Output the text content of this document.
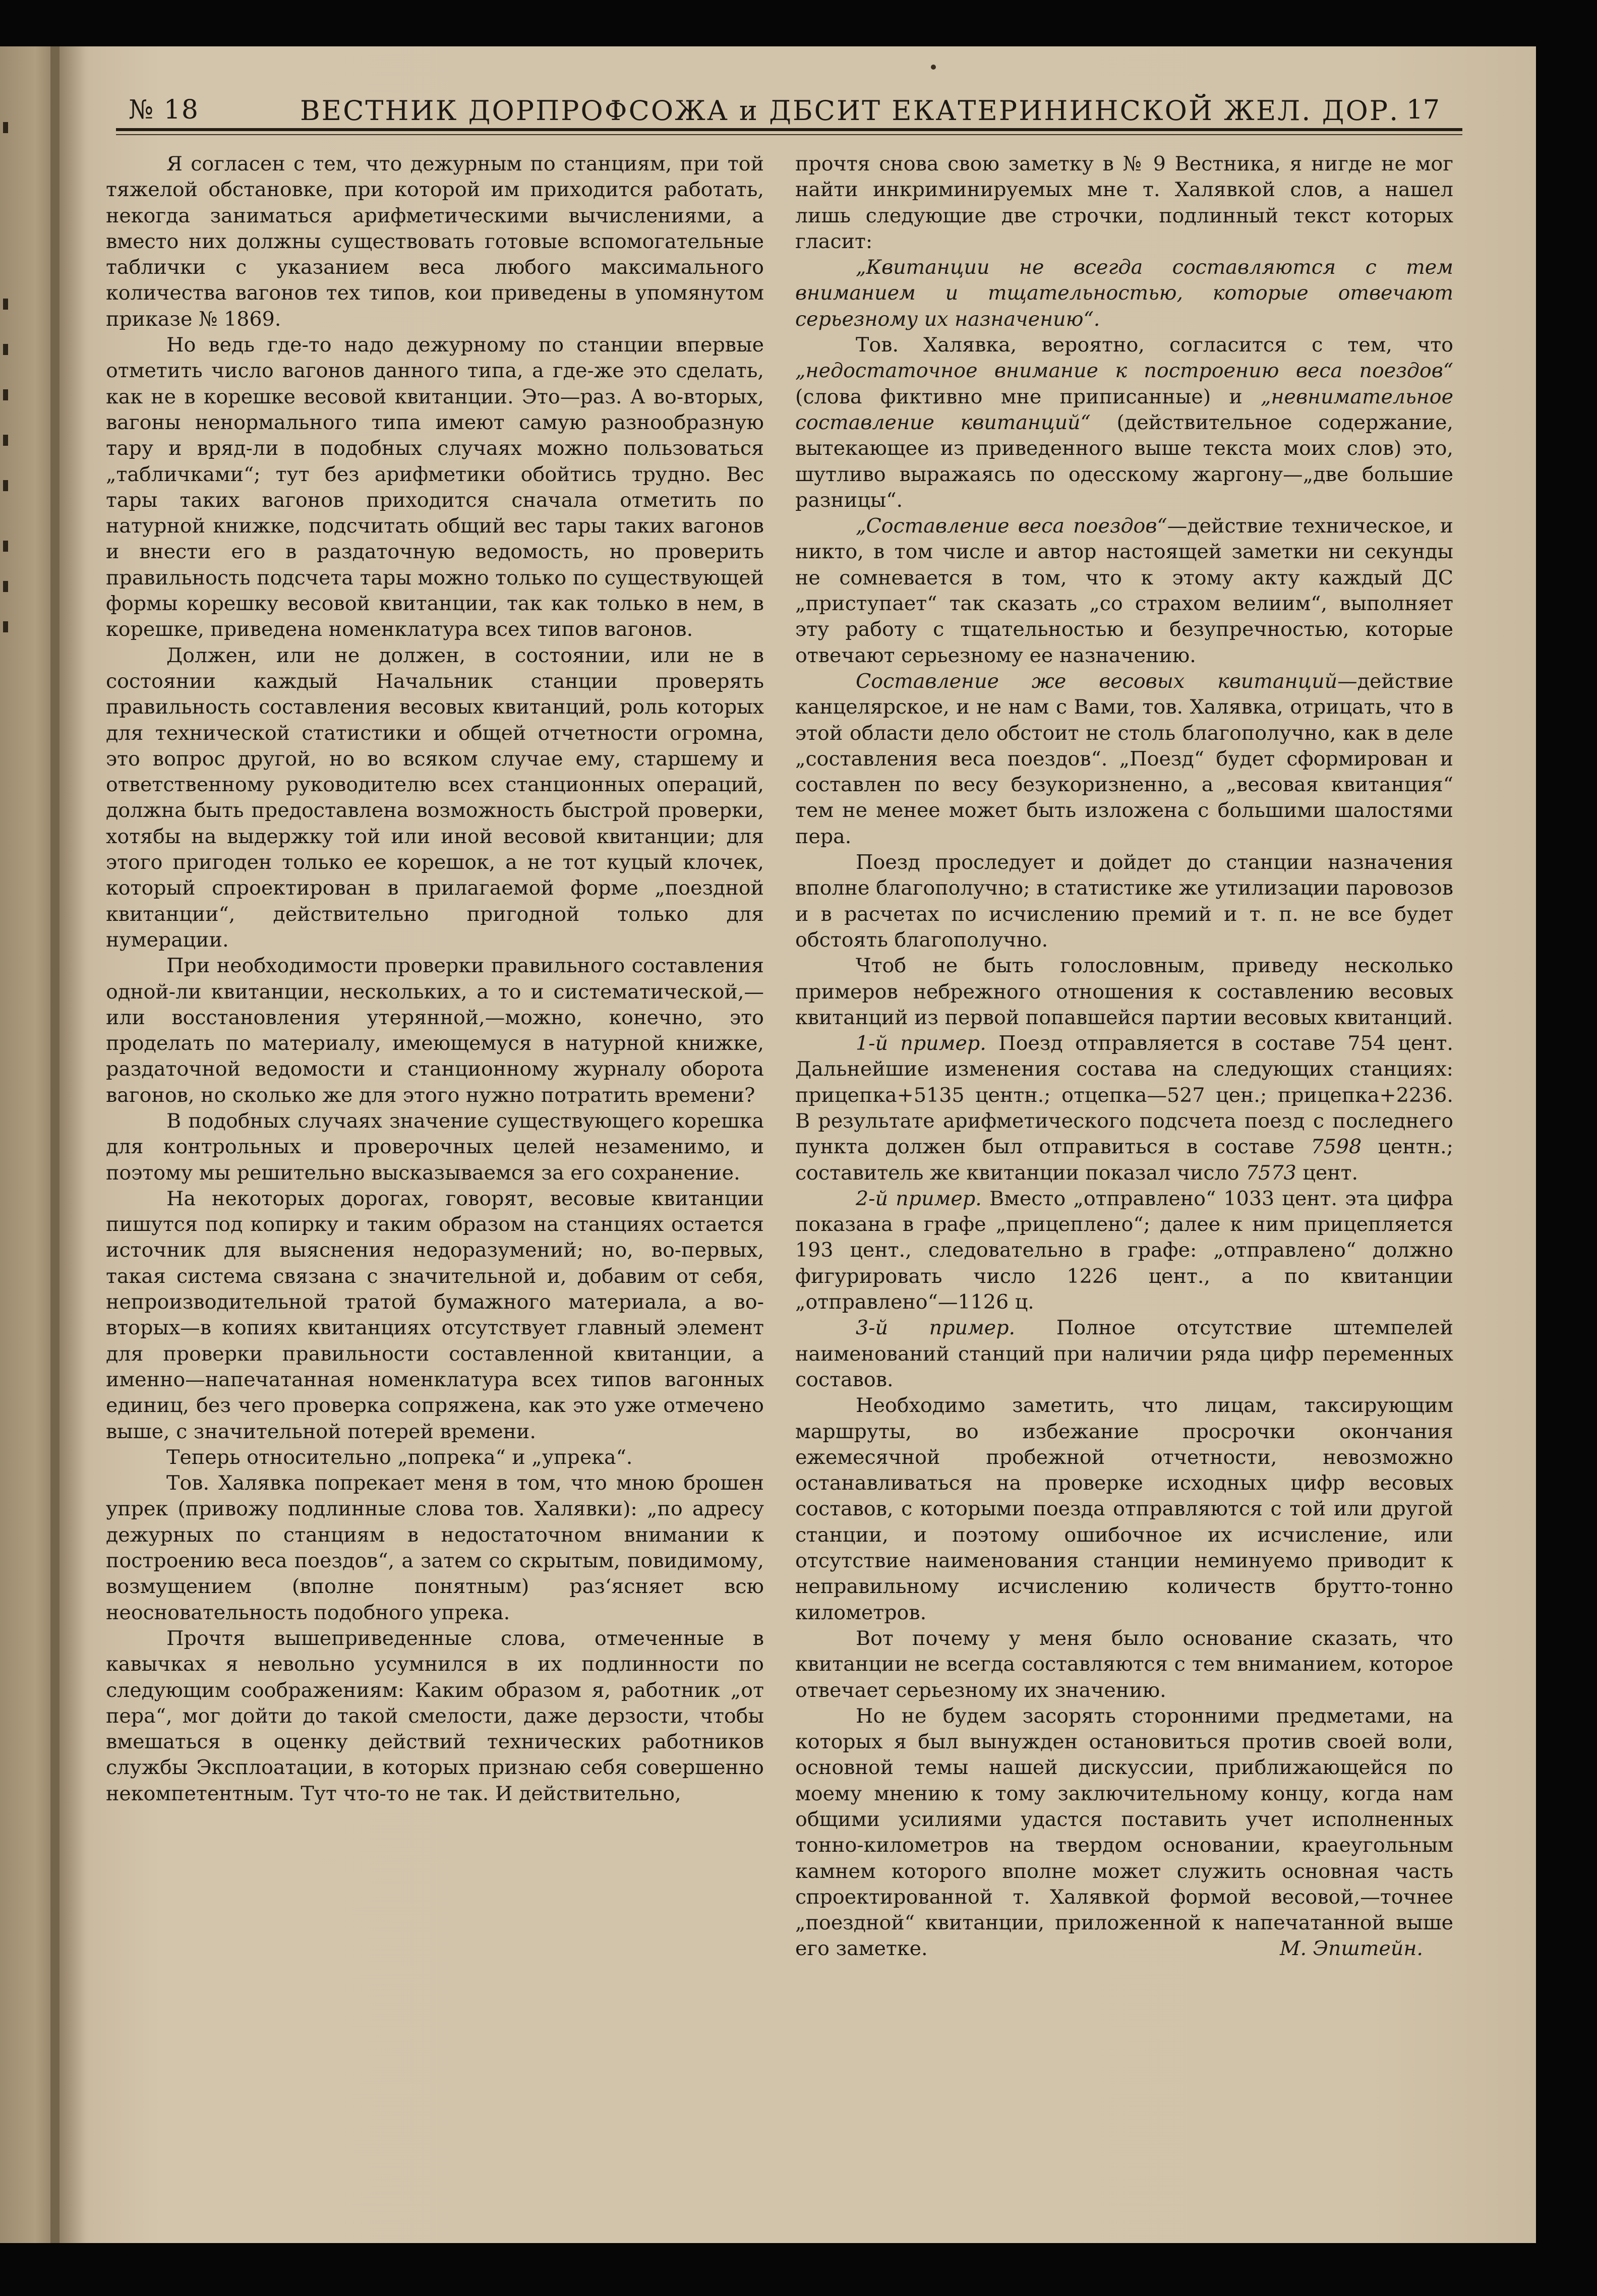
№ 18	ВЕСТНИК ДОРПРОФСОЖА и ДБСИТ ЕКАТЕРИНИНСКОЙ ЖЕЛ. ДОР. 17

Я согласен с тем, что дежурным по станциям, при той тяжелой обстановке, при которой им приходится работать, некогда заниматься арифметическими вычислениями, а вместо них должны существовать готовые вспомогательные таблички с указанием веса любого максимального количества вагонов тех типов, кои приведены в упомянутом приказе № 1869.

Но ведь где-то надо дежурному по станции впервые отметить число вагонов данного типа, а где-же это сделать, как не в корешке весовой квитанции. Это—раз. А во-вторых, вагоны ненормального типа имеют самую разнообразную тару и вряд-ли в подобных случаях можно пользоваться „табличками“; тут без арифметики обойтись трудно. Вес тары таких вагонов приходится сначала отметить по натурной книжке, подсчитать общий вес тары таких вагонов и внести его в раздаточную ведомость, но проверить правильность подсчета тары можно только по существующей формы корешку весовой квитанции, так как только в нем, в корешке, приведена номенклатура всех типов вагонов.

Должен, или не должен, в состоянии, или не в состоянии каждый Начальник станции проверять правильность составления весовых квитанций, роль которых для технической статистики и общей отчетности огромна, это вопрос другой, но во всяком случае ему, старшему и ответственному руководителю всех станционных операций, должна быть предоставлена возможность быстрой проверки, хотябы на выдержку той или иной весовой квитанции; для этого пригоден только ее корешок, а не тот куцый клочек, который спроектирован в прилагаемой форме „поездной квитанции“, действительно пригодной только для нумерации.

При необходимости проверки правильного составления одной-ли квитанции, нескольких, а то и систематической,—или восстановления утерянной,—можно, конечно, это проделать по материалу, имеющемуся в натурной книжке, раздаточной ведомости и станционному журналу оборота вагонов, но сколько же для этого нужно потратить времени?

В подобных случаях значение существующего корешка для контрольных и проверочных целей незаменимо, и поэтому мы решительно высказываемся за его сохранение.

На некоторых дорогах, говорят, весовые квитанции пишутся под копирку и таким образом на станциях остается источник для выяснения недоразумений; но, во-первых, такая система связана с значительной и, добавим от себя, непроизводительной тратой бумажного материала, а во-вторых—в копиях квитанциях отсутствует главный элемент для проверки правильности составленной квитанции, а именно—напечатанная номенклатура всех типов вагонных единиц, без чего проверка сопряжена, как это уже отмечено выше, с значительной потерей времени.

Теперь относительно „попрека“ и „упрека“.

Тов. Халявка попрекает меня в том, что мною брошен упрек (привожу подлинные слова тов. Халявки): „по адресу дежурных по станциям в недостаточном внимании к построению веса поездов“, а затем со скрытым, повидимому, возмущением (вполне понятным) раз‘ясняет всю неосновательность подобного упрека.

Прочтя вышеприведенные слова, отмеченные в кавычках я невольно усумнился в их подлинности по следующим соображениям: Каким образом я, работник „от пера“, мог дойти до такой смелости, даже дерзости, чтобы вмешаться в оценку действий технических работников службы Эксплоатации, в которых признаю себя совершенно некомпетентным. Тут что-то не так. И действительно,

прочтя снова свою заметку в № 9 Вестника, я нигде не мог найти инкриминируемых мне т. Халявкой слов, а нашел лишь следующие две строчки, подлинный текст которых гласит:

„Квитанции не всегда составляются с тем вниманием и тщательностью, которые отвечают серьезному их назначению“.

Тов. Халявка, вероятно, согласится с тем, что „недостаточное внимание к построению веса поездов“ (слова фиктивно мне приписанные) и „невнимательное составление квитанций“ (действительное содержание, вытекающее из приведенного выше текста моих слов) это, шутливо выражаясь по одесскому жаргону—„две большие разницы“.

„Составление веса поездов“—действие техническое, и никто, в том числе и автор настоящей заметки ни секунды не сомневается в том, что к этому акту каждый ДС „приступает“ так сказать „со страхом велиим“, выполняет эту работу с тщательностью и безупречностью, которые отвечают серьезному ее назначению.

Составление же весовых квитанций—действие канцелярское, и не нам с Вами, тов. Халявка, отрицать, что в этой области дело обстоит не столь благополучно, как в деле „составления веса поездов“. „Поезд“ будет сформирован и составлен по весу безукоризненно, а „весовая квитанция“ тем не менее может быть изложена с большими шалостями пера.

Поезд проследует и дойдет до станции назначения вполне благополучно; в статистике же утилизации паровозов и в расчетах по исчислению премий и т. п. не все будет обстоять благополучно.

Чтоб не быть голословным, приведу несколько примеров небрежного отношения к составлению весовых квитанций из первой попавшейся партии весовых квитанций.

1-й пример. Поезд отправляется в составе 754 цент. Дальнейшие изменения состава на следующих станциях: прицепка+5135 центн.; отцепка—527 цен.; прицепка+2236. В результате арифметического подсчета поезд с последнего пункта должен был отправиться в составе 7598 центн.; составитель же квитанции показал число 7573 цент.

2-й пример. Вместо „отправлено“ 1033 цент. эта цифра показана в графе „прицеплено“; далее к ним прицепляется 193 цент., следовательно в графе: „отправлено“ должно фигурировать число 1226 цент., а по квитанции „отправлено“—1126 ц.

3-й пример. Полное отсутствие штемпелей наименований станций при наличии ряда цифр переменных составов.

Необходимо заметить, что лицам, таксирующим маршруты, во избежание просрочки окончания ежемесячной пробежной отчетности, невозможно останавливаться на проверке исходных цифр весовых составов, с которыми поезда отправляются с той или другой станции, и поэтому ошибочное их исчисление, или отсутствие наименования станции неминуемо приводит к неправильному исчислению количеств брутто-тонно километров.

Вот почему у меня было основание сказать, что квитанции не всегда составляются с тем вниманием, которое отвечает серьезному их значению.

Но не будем засорять сторонними предметами, на которых я был вынужден остановиться против своей воли, основной темы нашей дискуссии, приближающейся по моему мнению к тому заключительному концу, когда нам общими усилиями удастся поставить учет исполненных тонно-километров на твердом основании, краеугольным камнем которого вполне может служить основная часть спроектированной т. Халявкой формой весовой,—точнее „поездной“ квитанции, приложенной к напечатанной выше его заметке.	М. Эпштейн.
